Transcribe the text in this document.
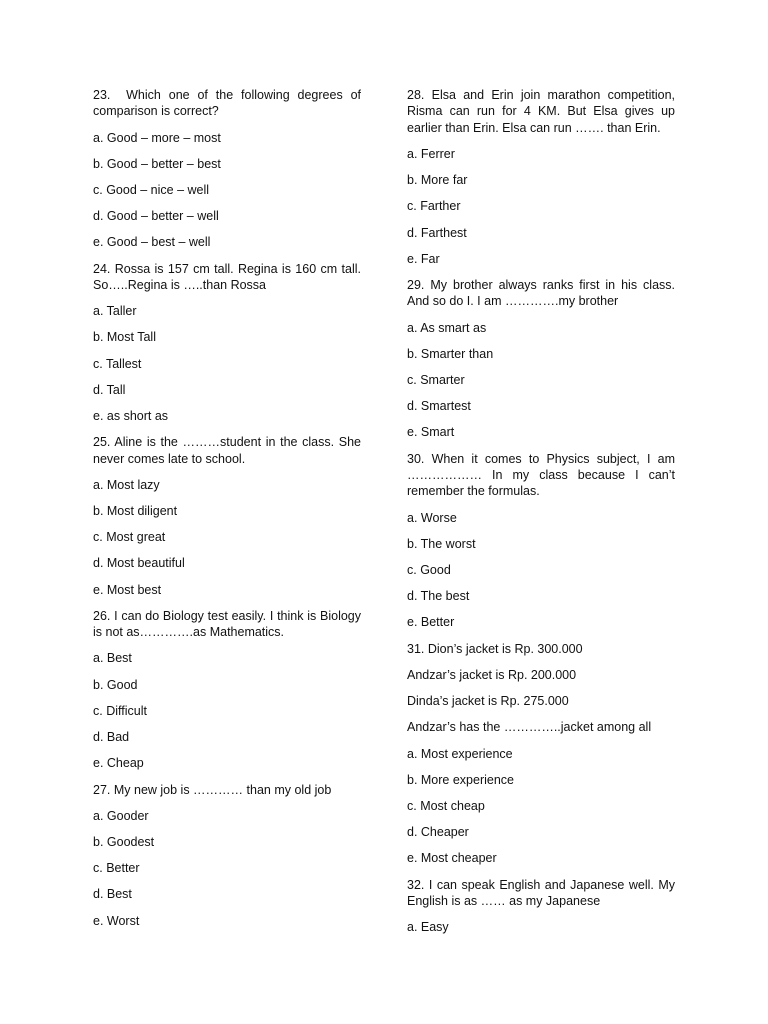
23.  Which one of the following degrees of comparison is correct?
a. Good – more – most
b. Good – better – best
c. Good – nice – well
d. Good – better – well
e. Good – best – well
24. Rossa is 157 cm tall. Regina is 160 cm tall. So…..Regina is …..than Rossa
a. Taller
b. Most Tall
c. Tallest
d. Tall
e. as short as
25. Aline is the ………student in the class. She never comes late to school.
a. Most lazy
b. Most diligent
c. Most great
d. Most beautiful
e. Most best
26. I can do Biology test easily. I think is Biology is not as………….as Mathematics.
a. Best
b. Good
c. Difficult
d. Bad
e. Cheap
27. My new job is ………… than my old job
a. Gooder
b. Goodest
c. Better
d. Best
e. Worst
28. Elsa and Erin join marathon competition, Risma can run for 4 KM. But Elsa gives up earlier than Erin. Elsa can run ……. than Erin.
a. Ferrer
b. More far
c. Farther
d. Farthest
e. Far
29. My brother always ranks first in his class. And so do I. I am ………….my brother
a. As smart as
b. Smarter than
c. Smarter
d. Smartest
e. Smart
30. When it comes to Physics subject, I am ……………… In my class because I can’t remember the formulas.
a. Worse
b. The worst
c. Good
d. The best
e. Better
31. Dion’s jacket is Rp. 300.000
Andzar’s jacket is Rp. 200.000
Dinda’s jacket is Rp. 275.000
Andzar’s has the …………..jacket among all
a. Most experience
b. More experience
c. Most cheap
d. Cheaper
e. Most cheaper
32. I can speak English and Japanese well. My English is as …… as my Japanese
a. Easy
